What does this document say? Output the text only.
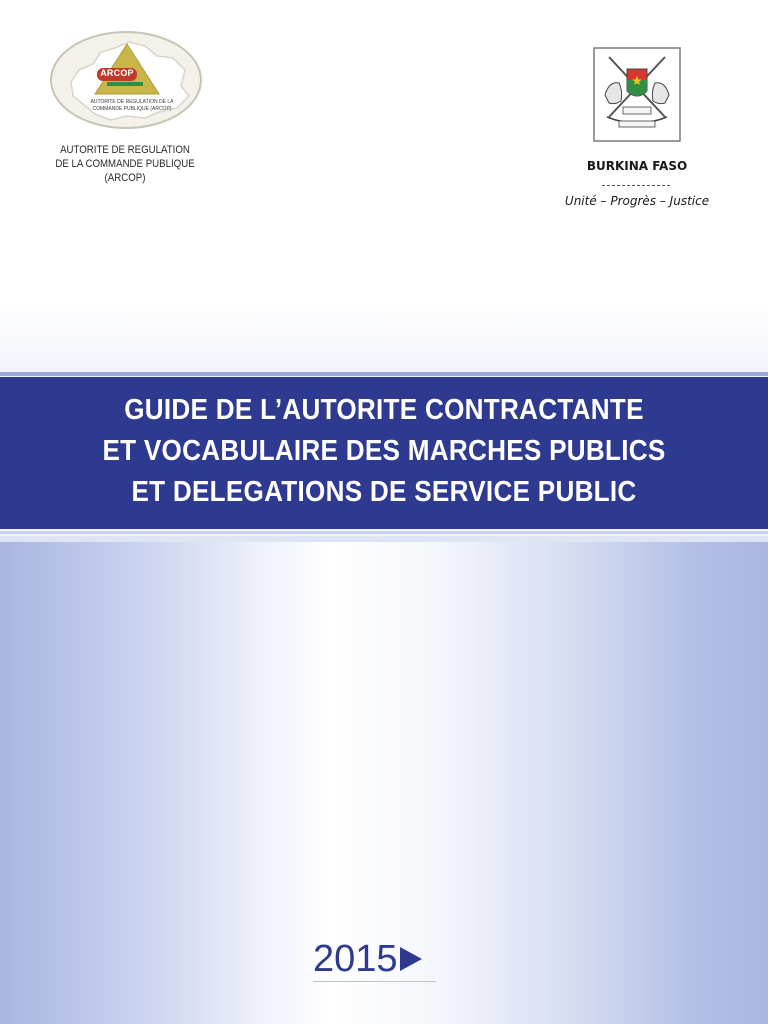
ARCOP
AUTORITE DE REGULATION DE LA
COMMANDE PUBLIQUE (ARCOP)
AUTORITE DE REGULATION
DE LA COMMANDE PUBLIQUE
(ARCOP)
BURKINA FASO
Unité – Progrès – Justice
GUIDE DE L’AUTORITE CONTRACTANTE
ET VOCABULAIRE DES MARCHES PUBLICS
ET DELEGATIONS DE SERVICE PUBLIC
2015
